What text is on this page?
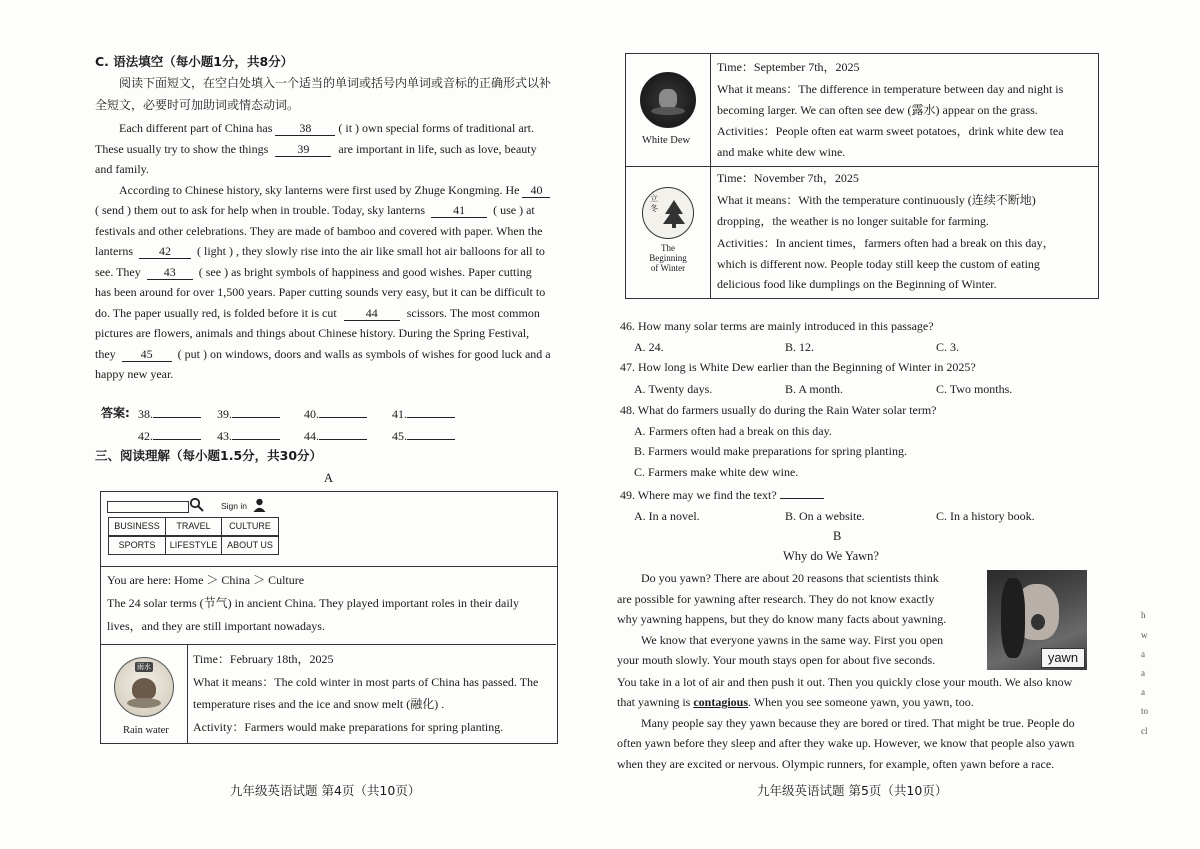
C. 语法填空（每小题1分，共8分）
阅读下面短文，在空白处填入一个适当的单词或括号内单词或音标的正确形式以补
全短文，必要时可加助词或情态动词。
Each different part of China has 38 ( it ) own special forms of traditional art.
These usually try to show the things 39 are important in life, such as love, beauty
and family.
According to Chinese history, sky lanterns were first used by Zhuge Kongming. He 40
( send ) them out to ask for help when in trouble. Today, sky lanterns 41 ( use ) at
festivals and other celebrations. They are made of bamboo and covered with paper. When the
lanterns 42 ( light ) , they slowly rise into the air like small hot air balloons for all to
see. They 43 ( see ) as bright symbols of happiness and good wishes. Paper cutting
has been around for over 1,500 years. Paper cutting sounds very easy, but it can be difficult to
do. The paper usually red, is folded before it is cut 44 scissors. The most common
pictures are flowers, animals and things about Chinese history. During the Spring Festival,
they 45 ( put ) on windows, doors and walls as symbols of wishes for good luck and a
happy new year.
答案: 38.	39.	40.	41.
42.	43.	44.	45.
三、阅读理解（每小题1.5分，共30分）
A
Sign in
BUSINESS	TRAVEL	CULTURE
SPORTS	LIFESTYLE	ABOUT US
You are here: Home ＞ China ＞ Culture
The 24 solar terms (节气) in ancient China. They played important roles in their daily
lives，and they are still important nowadays.
雨水
Rain water
Time：February 18th，2025
What it means：The cold winter in most parts of China has passed. The
temperature rises and the ice and snow melt (融化) .
Activity：Farmers would make preparations for spring planting.
九年级英语试题 第4页（共10页）
White Dew
Time：September 7th，2025
What it means：The difference in temperature between day and night is
becoming larger. We can often see dew (露水) appear on the grass.
Activities：People often eat warm sweet potatoes，drink white dew tea
and make white dew wine.
立
冬
The
Beginning
of Winter
Time：November 7th，2025
What it means：With the temperature continuously (连续不断地)
dropping，the weather is no longer suitable for farming.
Activities：In ancient times，farmers often had a break on this day，
which is different now. People today still keep the custom of eating
delicious food like dumplings on the Beginning of Winter.
46. How many solar terms are mainly introduced in this passage?
A. 24.	B. 12.	C. 3.
47. How long is White Dew earlier than the Beginning of Winter in 2025?
A. Twenty days.	B. A month.	C. Two months.
48. What do farmers usually do during the Rain Water solar term?
A. Farmers often had a break on this day.
B. Farmers would make preparations for spring planting.
C. Farmers make white dew wine.
49. Where may we find the text?
A. In a novel.	B. On a website.	C. In a history book.
B
Why do We Yawn?
yawn
Do you yawn? There are about 20 reasons that scientists think
are possible for yawning after research. They do not know exactly
why yawning happens, but they do know many facts about yawning.
We know that everyone yawns in the same way. First you open
your mouth slowly. Your mouth stays open for about five seconds.
You take in a lot of air and then push it out. Then you quickly close your mouth. We also know
that yawning is contagious. When you see someone yawn, you yawn, too.
Many people say they yawn because they are bored or tired. That might be true. People do
often yawn before they sleep and after they wake up. However, we know that people also yawn
when they are excited or nervous. Olympic runners, for example, often yawn before a race.
九年级英语试题 第5页（共10页）
h
w
a
a
a
to
cl
